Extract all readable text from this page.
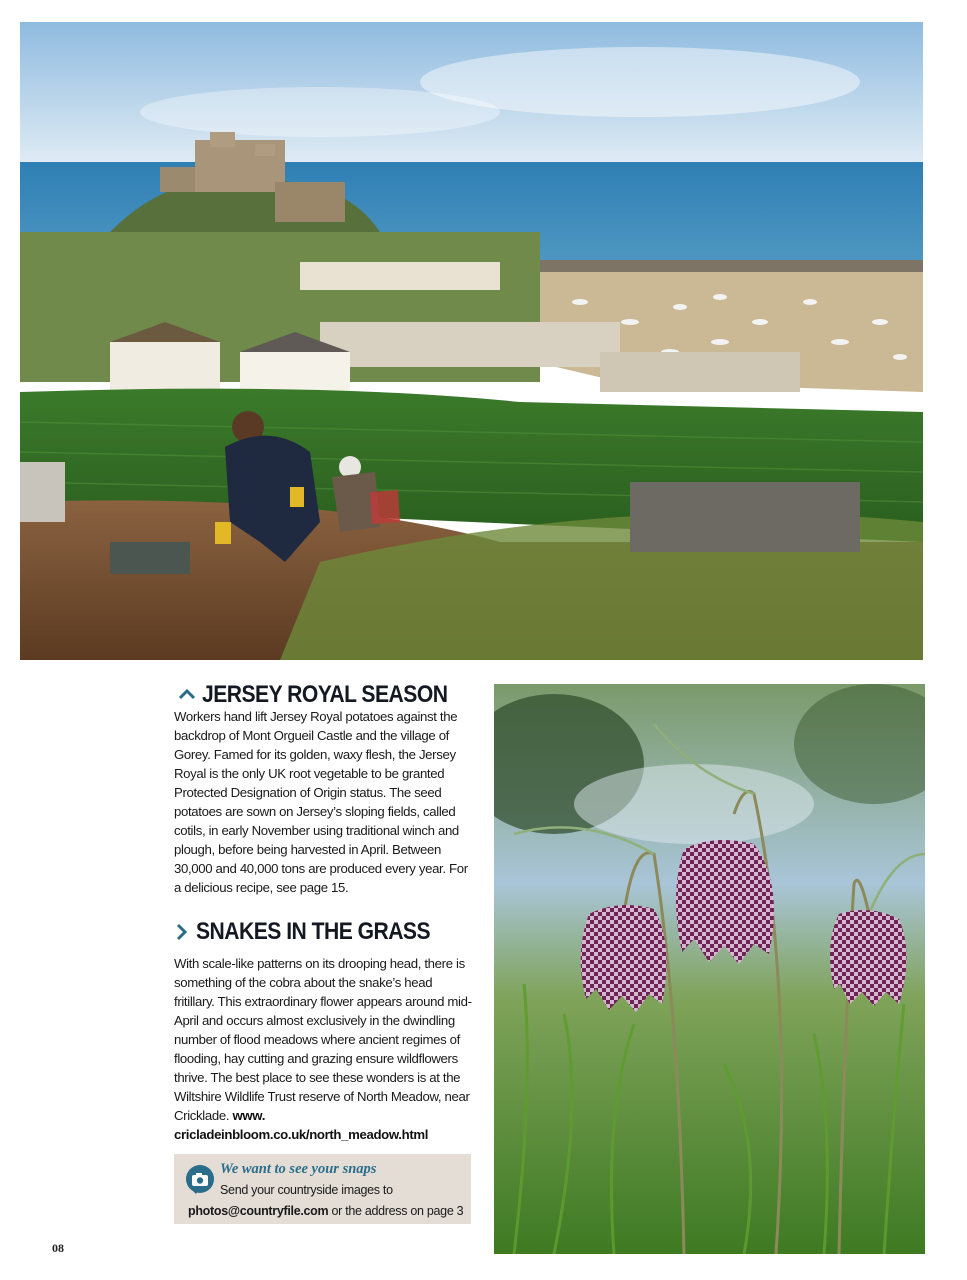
JERSEY ROYAL SEASON

Workers hand lift Jersey Royal potatoes against the backdrop of Mont Orgueil Castle and the village of Gorey. Famed for its golden, waxy flesh, the Jersey Royal is the only UK root vegetable to be granted Protected Designation of Origin status. The seed potatoes are sown on Jersey’s sloping fields, called cotils, in early November using traditional winch and plough, before being harvested in April. Between 30,000 and 40,000 tons are produced every year. For a delicious recipe, see page 15.

SNAKES IN THE GRASS

With scale-like patterns on its drooping head, there is something of the cobra about the snake’s head fritillary. This extraordinary flower appears around mid-April and occurs almost exclusively in the dwindling number of flood meadows where ancient regimes of flooding, hay cutting and grazing ensure wildflowers thrive. The best place to see these wonders is at the Wiltshire Wildlife Trust reserve of North Meadow, near Cricklade. www. cricladeinbloom.co.uk/north_meadow.html

We want to see your snaps
Send your countryside images to
photos@countryfile.com or the address on page 3
08
